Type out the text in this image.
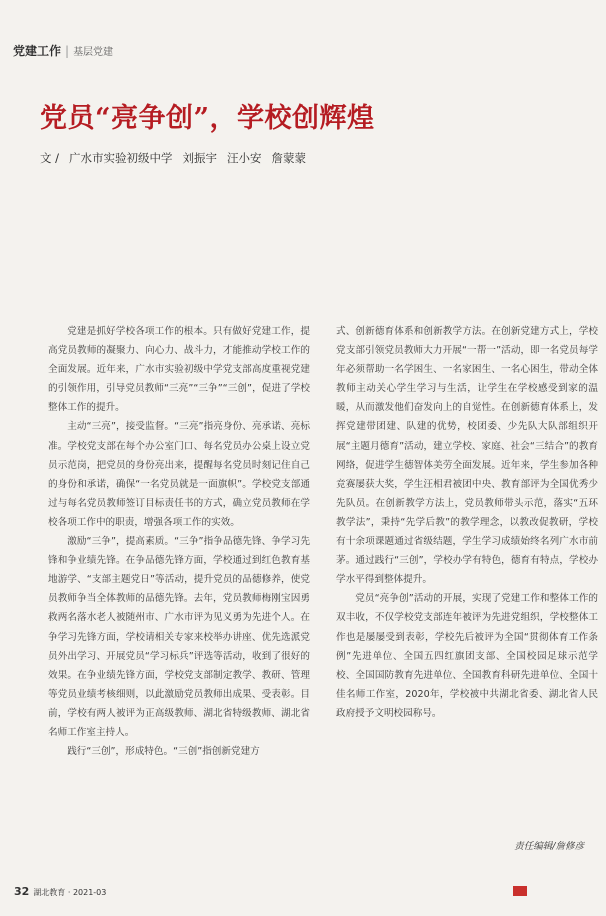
党建工作 | 基层党建
党员“亮争创”，学校创辉煌
文 / 广水市实验初级中学 刘振宇 汪小安 詹蒙蒙

党建是抓好学校各项工作的根本。只有做好党建工作，提高党员教师的凝聚力、向心力、战斗力，才能推动学校工作的全面发展。近年来，广水市实验初级中学党支部高度重视党建的引领作用，引导党员教师“三亮”“三争”“三创”，促进了学校整体工作的提升。

主动“三亮”，接受监督。“三亮”指亮身份、亮承诺、亮标准。学校党支部在每个办公室门口、每名党员办公桌上设立党员示范岗，把党员的身份亮出来，提醒每名党员时刻记住自己的身份和承诺，确保“一名党员就是一面旗帜”。学校党支部通过与每名党员教师签订目标责任书的方式，确立党员教师在学校各项工作中的职责，增强各项工作的实效。

激励“三争”，提高素质。“三争”指争品德先锋、争学习先锋和争业绩先锋。在争品德先锋方面，学校通过到红色教育基地游学、“支部主题党日”等活动，提升党员的品德修养，使党员教师争当全体教师的品德先锋。去年，党员教师梅刚宝因勇救两名落水老人被随州市、广水市评为见义勇为先进个人。在争学习先锋方面，学校请相关专家来校举办讲座、优先选派党员外出学习、开展党员“学习标兵”评选等活动，收到了很好的效果。在争业绩先锋方面，学校党支部制定教学、教研、管理等党员业绩考核细则，以此激励党员教师出成果、受表彰。目前，学校有两人被评为正高级教师、湖北省特级教师、湖北省名师工作室主持人。

践行“三创”，形成特色。“三创”指创新党建方

式、创新德育体系和创新教学方法。在创新党建方式上，学校党支部引领党员教师大力开展“一帮一”活动，即一名党员每学年必须帮助一名学困生、一名家困生、一名心困生，带动全体教师主动关心学生学习与生活，让学生在学校感受到家的温暖，从而激发他们奋发向上的自觉性。在创新德育体系上，发挥党建带团建、队建的优势，校团委、少先队大队部组织开展“主题月德育”活动，建立学校、家庭、社会“三结合”的教育网络，促进学生德智体美劳全面发展。近年来，学生参加各种竞赛屡获大奖，学生汪相君被团中央、教育部评为全国优秀少先队员。在创新教学方法上，党员教师带头示范，落实“五环教学法”，秉持“先学后教”的教学理念，以教改促教研，学校有十余项课题通过省级结题，学生学习成绩始终名列广水市前茅。通过践行“三创”，学校办学有特色，德育有特点，学校办学水平得到整体提升。

党员“亮争创”活动的开展，实现了党建工作和整体工作的双丰收，不仅学校党支部连年被评为先进党组织，学校整体工作也是屡屡受到表彰，学校先后被评为全国“贯彻体育工作条例”先进单位、全国五四红旗团支部、全国校园足球示范学校、全国国防教育先进单位、全国教育科研先进单位、全国十佳名师工作室，2020年，学校被中共湖北省委、湖北省人民政府授予文明校园称号。

责任编辑/詹修彦
32 湖北教育 · 2021-03
